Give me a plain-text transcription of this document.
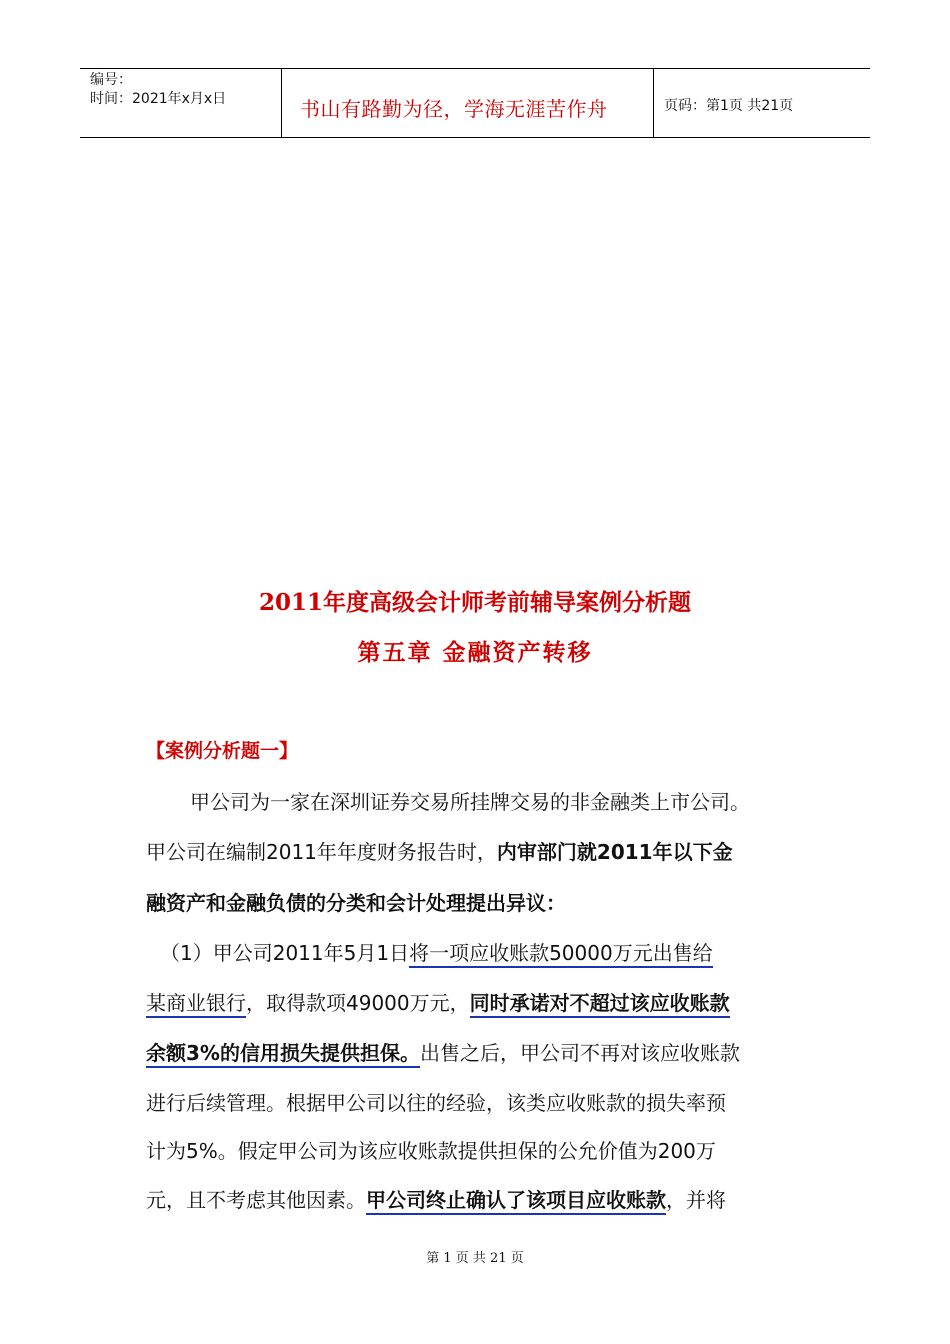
编号：
时间：2021年x月x日	书山有路勤为径，学海无涯苦作舟	页码：第1页 共21页
2011年度高级会计师考前辅导案例分析题
第五章 金融资产转移
【案例分析题一】
甲公司为一家在深圳证券交易所挂牌交易的非金融类上市公司。
甲公司在编制2011年年度财务报告时，内审部门就2011年以下金
融资产和金融负债的分类和会计处理提出异议：
（1）甲公司2011年5月1日将一项应收账款50000万元出售给
某商业银行，取得款项49000万元，同时承诺对不超过该应收账款
余额3%的信用损失提供担保。出售之后，甲公司不再对该应收账款
进行后续管理。根据甲公司以往的经验，该类应收账款的损失率预
计为5%。假定甲公司为该应收账款提供担保的公允价值为200万
元，且不考虑其他因素。甲公司终止确认了该项目应收账款，并将
第 1 页 共 21 页
